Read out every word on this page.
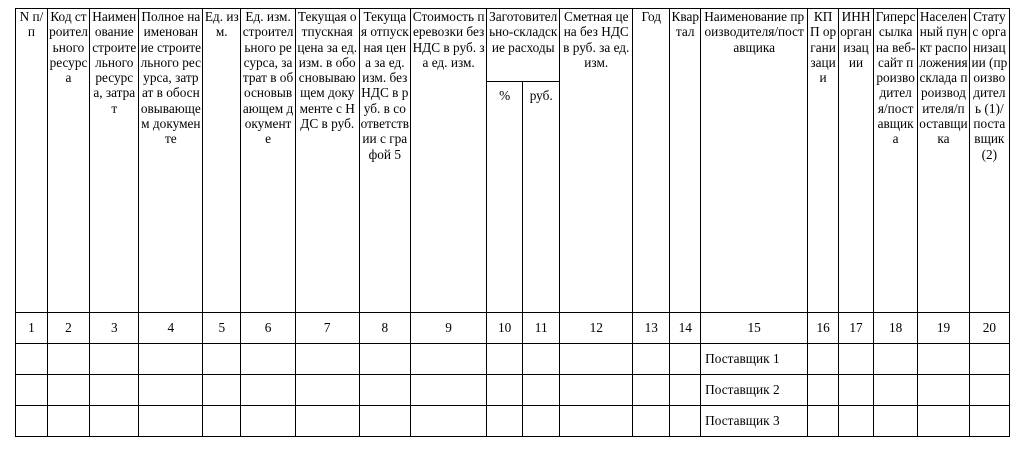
N п/п	Код строительного ресурса	Наименование строительного ресурса, затрат	Полное наименование строительного ресурса, затрат в обосновывающем документе	Ед. изм.	Ед. изм. строительного ресурса, затрат в обосновывающем документе	Текущая отпускная цена за ед. изм. в обосновывающем документе с НДС в руб.	Текущая отпускная цена за ед. изм. без НДС в руб. в соответствии с графой 5	Стоимость перевозки без НДС в руб. за ед. изм.	Заготовительно-складские расходы		Сметная цена без НДС в руб. за ед. изм.	Год	Квартал	Наименование производителя/поставщика	КПП организации	ИНН организации	Гиперссылка на веб-сайт производителя/поставщика	Населенный пункт расположения склада производителя/поставщика	Статус организации (производитель (1)/ поставщик (2)
									%	руб.									
1	2	3	4	5	6	7	8	9	10	11	12	13	14	15	16	17	18	19	20
														Поставщик 1					
														Поставщик 2					
														Поставщик 3					
